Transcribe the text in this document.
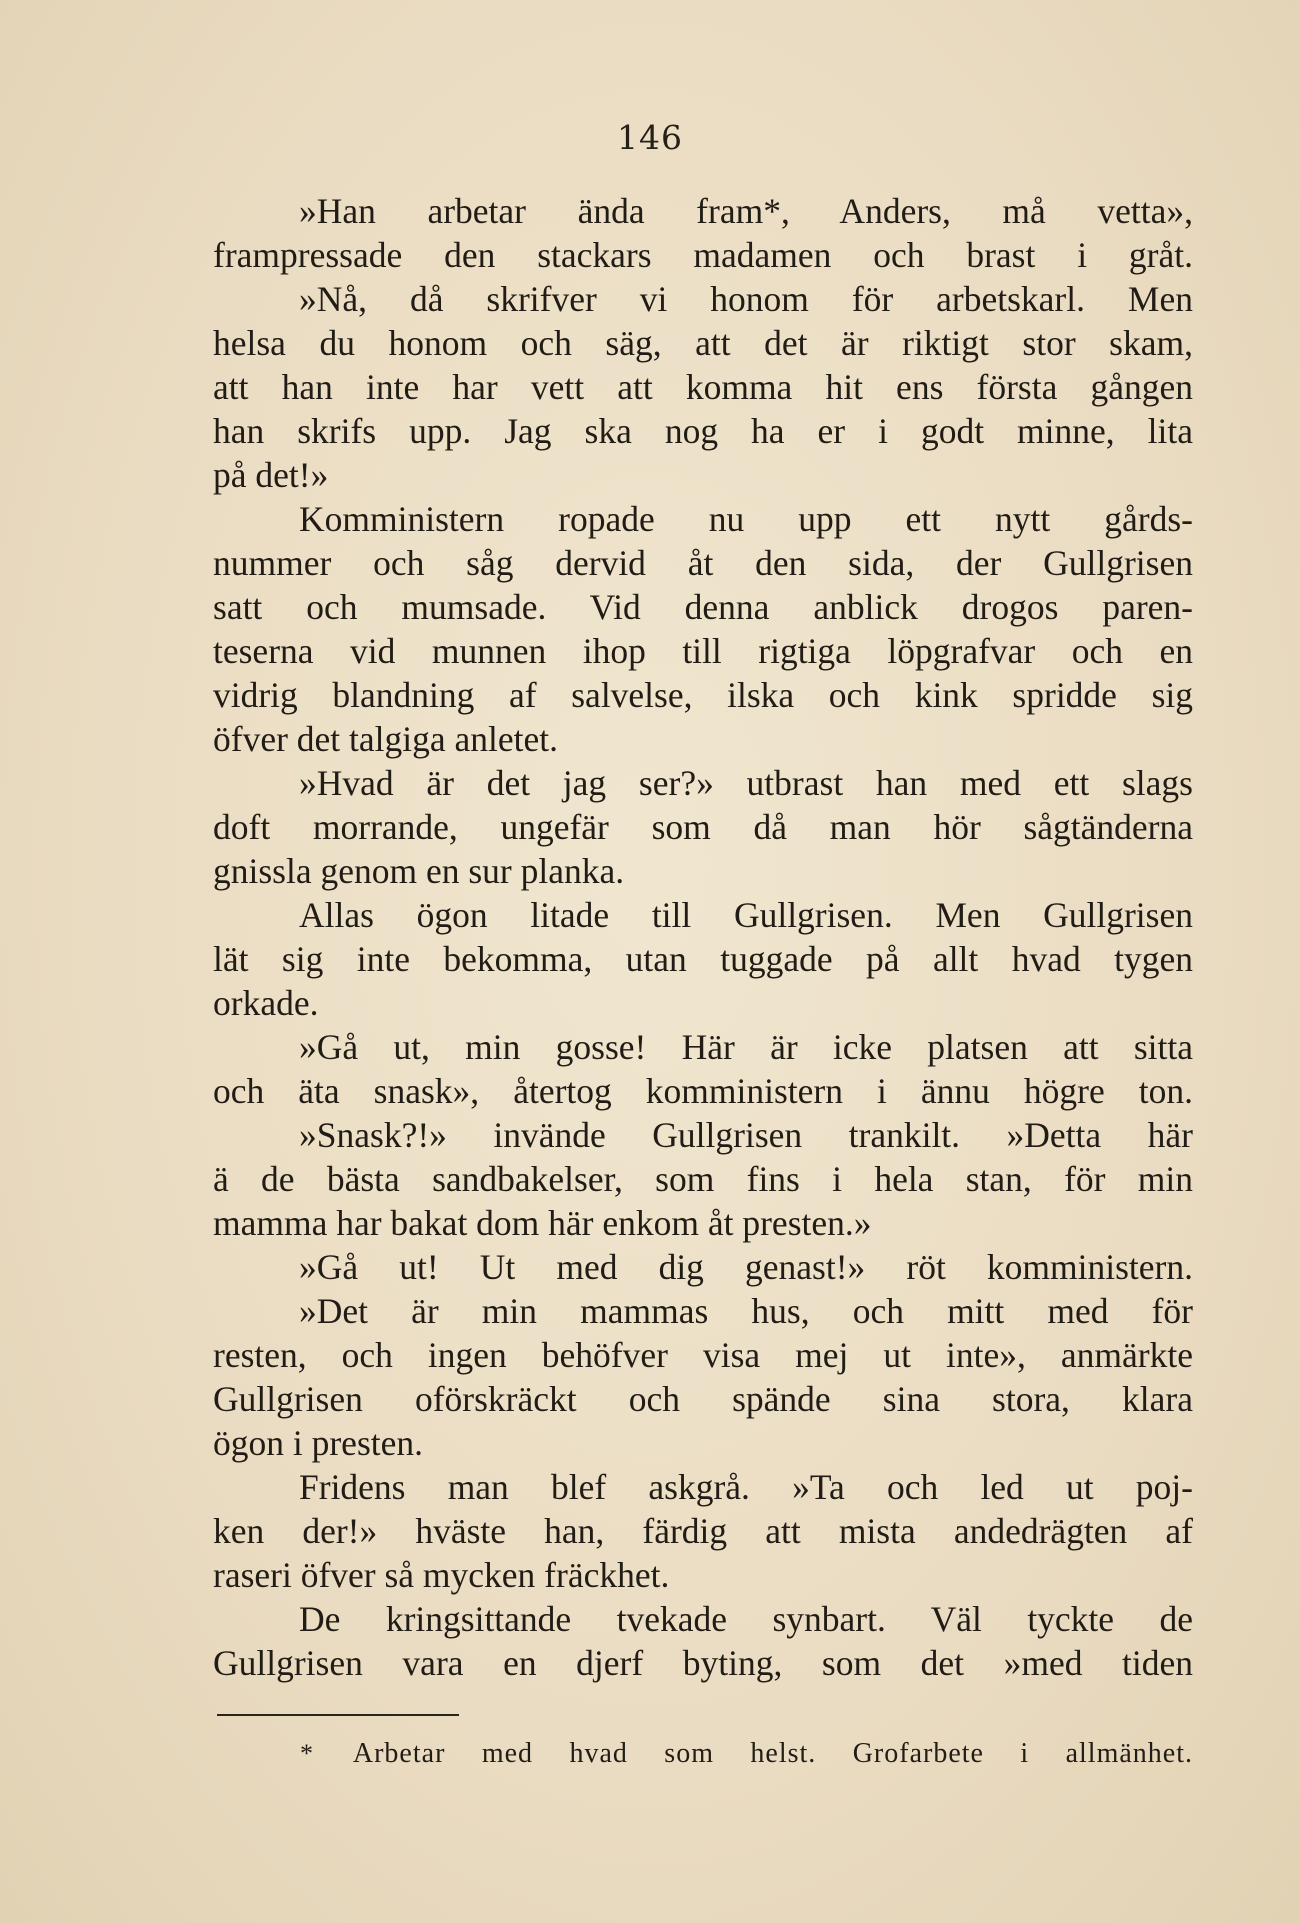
146
»Han arbetar ända fram*, Anders, må vetta»,
frampressade den stackars madamen och brast i gråt.
»Nå, då skrifver vi honom för arbetskarl. Men
helsa du honom och säg, att det är riktigt stor skam,
att han inte har vett att komma hit ens första gången
han skrifs upp. Jag ska nog ha er i godt minne, lita
på det!»
Komministern ropade nu upp ett nytt gårds-
nummer och såg dervid åt den sida, der Gullgrisen
satt och mumsade. Vid denna anblick drogos paren-
teserna vid munnen ihop till rigtiga löpgrafvar och en
vidrig blandning af salvelse, ilska och kink spridde sig
öfver det talgiga anletet.
»Hvad är det jag ser?» utbrast han med ett slags
doft morrande, ungefär som då man hör sågtänderna
gnissla genom en sur planka.
Allas ögon litade till Gullgrisen. Men Gullgrisen
lät sig inte bekomma, utan tuggade på allt hvad tygen
orkade.
»Gå ut, min gosse! Här är icke platsen att sitta
och äta snask», återtog komministern i ännu högre ton.
»Snask?!» invände Gullgrisen trankilt. »Detta här
ä de bästa sandbakelser, som fins i hela stan, för min
mamma har bakat dom här enkom åt presten.»
»Gå ut! Ut med dig genast!» röt komministern.
»Det är min mammas hus, och mitt med för
resten, och ingen behöfver visa mej ut inte», anmärkte
Gullgrisen oförskräckt och spände sina stora, klara
ögon i presten.
Fridens man blef askgrå. »Ta och led ut poj-
ken der!» hväste han, färdig att mista andedrägten af
raseri öfver så mycken fräckhet.
De kringsittande tvekade synbart. Väl tyckte de
Gullgrisen vara en djerf byting, som det »med tiden
* Arbetar med hvad som helst. Grofarbete i allmänhet.
